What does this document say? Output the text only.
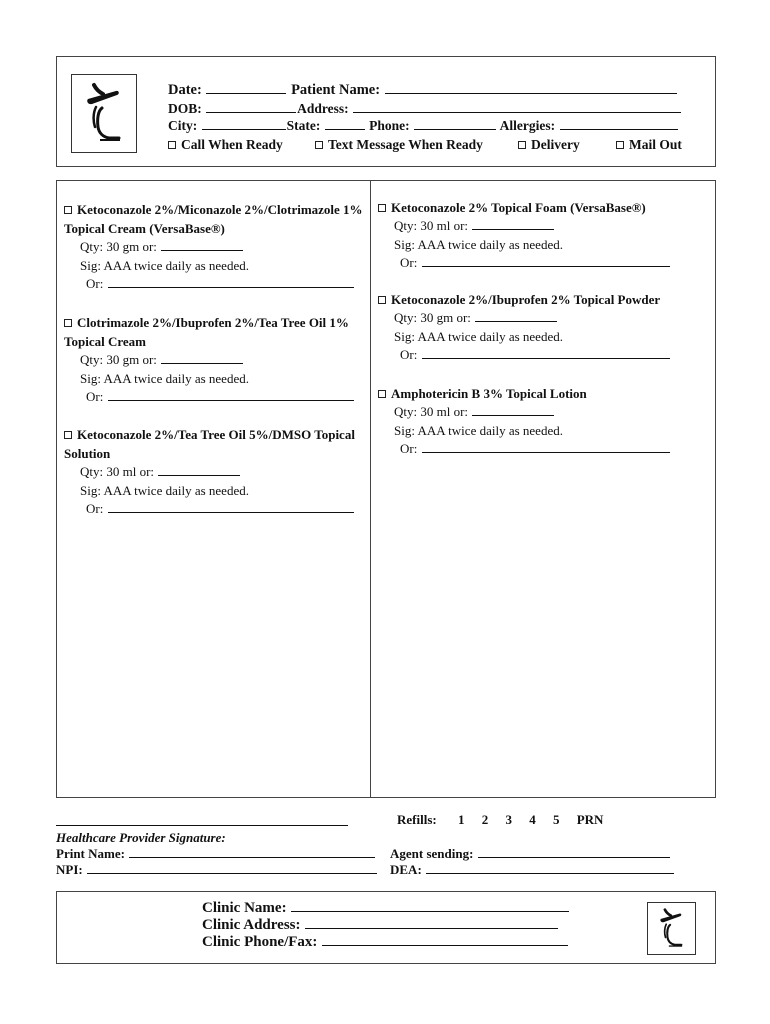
Date:	Patient Name:
DOB:	Address:
City:	State:	Phone:	Allergies:
Call When Ready	Text Message When Ready	Delivery	Mail Out
Ketoconazole 2%/Miconazole 2%/Clotrimazole 1% Topical Cream (VersaBase®)
Qty: 30 gm or:
Sig: AAA twice daily as needed.
Or:
Clotrimazole 2%/Ibuprofen 2%/Tea Tree Oil 1% Topical Cream
Qty: 30 gm or:
Sig: AAA twice daily as needed.
Or:
Ketoconazole 2%/Tea Tree Oil 5%/DMSO Topical Solution
Qty: 30 ml or:
Sig: AAA twice daily as needed.
Or:
Ketoconazole 2% Topical Foam (VersaBase®)
Qty: 30 ml or:
Sig: AAA twice daily as needed.
Or:
Ketoconazole 2%/Ibuprofen 2% Topical Powder
Qty: 30 gm or:
Sig: AAA twice daily as needed.
Or:
Amphotericin B 3% Topical Lotion
Qty: 30 ml or:
Sig: AAA twice daily as needed.
Or:
Healthcare Provider Signature:
Refills: 1 2 3 4 5 PRN
Print Name:
NPI:
Agent sending:
DEA:
Clinic Name:
Clinic Address:
Clinic Phone/Fax:
